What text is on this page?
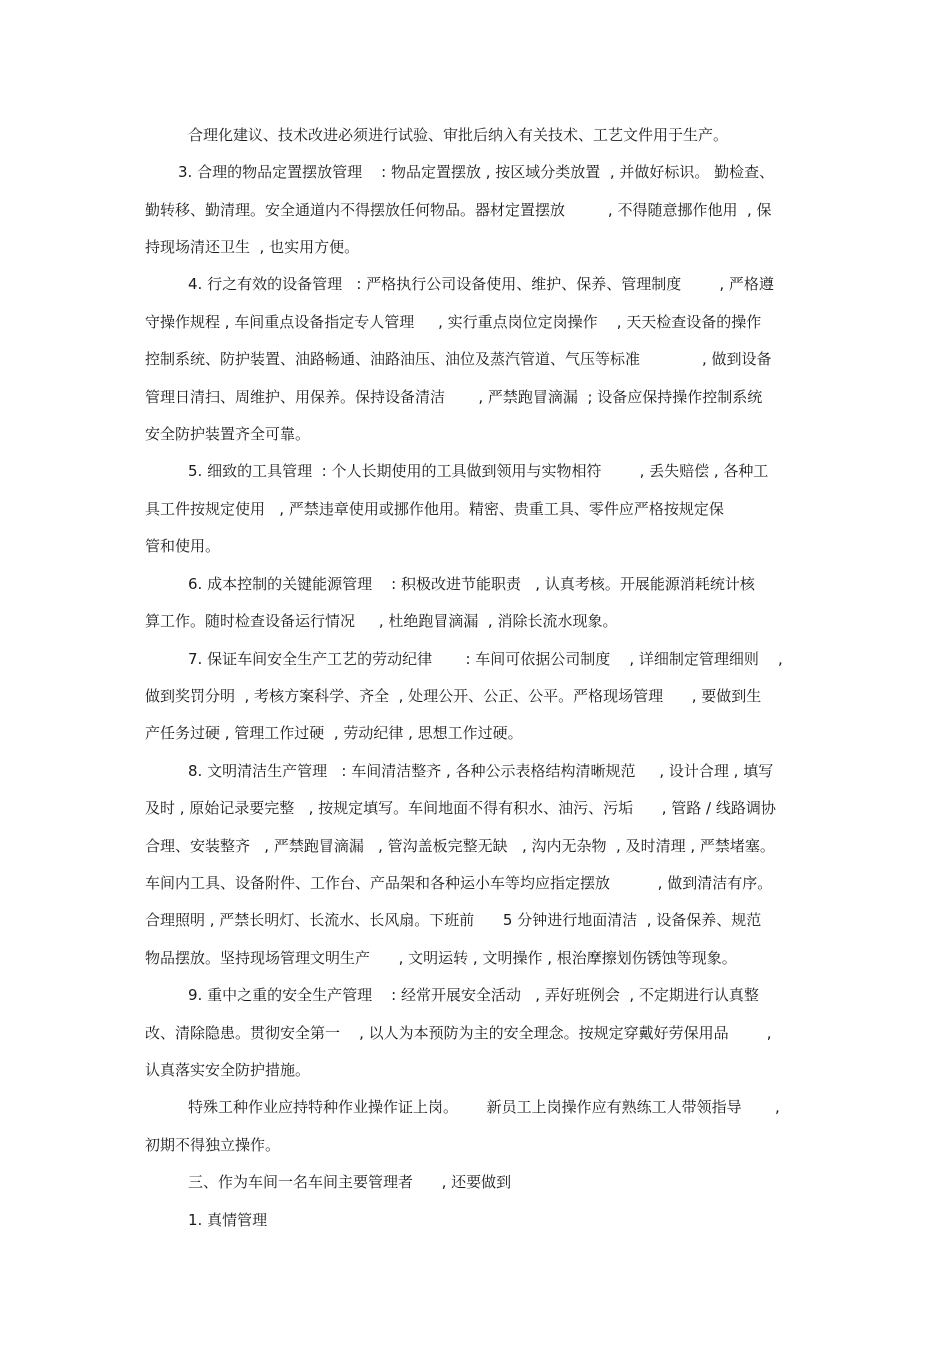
合理化建议、技术改进必须进行试验、审批后纳入有关技术、工艺文件用于生产。
3. 合理的物品定置摆放管理    : 物品定置摆放 , 按区域分类放置  , 并做好标识。 勤检查、
勤转移、勤清理。安全通道内不得摆放任何物品。器材定置摆放         , 不得随意挪作他用  , 保
持现场清还卫生  , 也实用方便。
4. 行之有效的设备管理   : 严格执行公司设备使用、维护、保养、管理制度        , 严格遵
守操作规程 , 车间重点设备指定专人管理     , 实行重点岗位定岗操作    , 天天检查设备的操作
控制系统、防护装置、油路畅通、油路油压、油位及蒸汽管道、气压等标准             , 做到设备
管理日清扫、周维护、用保养。保持设备清洁       , 严禁跑冒滴漏  ; 设备应保持操作控制系统
安全防护装置齐全可靠。
5. 细致的工具管理  : 个人长期使用的工具做到领用与实物相符        , 丢失赔偿 , 各种工
具工件按规定使用   , 严禁违章使用或挪作他用。精密、贵重工具、零件应严格按规定保
管和使用。
6. 成本控制的关键能源管理    : 积极改进节能职责   , 认真考核。开展能源消耗统计核
算工作。随时检查设备运行情况     , 杜绝跑冒滴漏  , 消除长流水现象。
7. 保证车间安全生产工艺的劳动纪律       : 车间可依据公司制度    , 详细制定管理细则    ,
做到奖罚分明  , 考核方案科学、齐全  , 处理公开、公正、公平。严格现场管理      , 要做到生
产任务过硬 , 管理工作过硬  , 劳动纪律 , 思想工作过硬。
8. 文明清洁生产管理   : 车间清洁整齐 , 各种公示表格结构清晰规范     , 设计合理 , 填写
及时 , 原始记录要完整   , 按规定填写。车间地面不得有积水、油污、污垢      , 管路 / 线路调协
合理、安装整齐   , 严禁跑冒滴漏   , 管沟盖板完整无缺   , 沟内无杂物  , 及时清理 , 严禁堵塞。
车间内工具、设备附件、工作台、产品架和各种运小车等均应指定摆放          , 做到清洁有序。
合理照明 , 严禁长明灯、长流水、长风扇。下班前      5 分钟进行地面清洁  , 设备保养、规范
物品摆放。坚持现场管理文明生产      , 文明运转 , 文明操作 , 根治摩擦划伤锈蚀等现象。
9. 重中之重的安全生产管理    : 经常开展安全活动   , 弄好班例会  , 不定期进行认真整
改、清除隐患。贯彻安全第一    , 以人为本预防为主的安全理念。按规定穿戴好劳保用品        ,
认真落实安全防护措施。
特殊工种作业应持特种作业操作证上岗。      新员工上岗操作应有熟练工人带领指导       ,
初期不得独立操作。
三、作为车间一名车间主要管理者      , 还要做到
1. 真情管理
